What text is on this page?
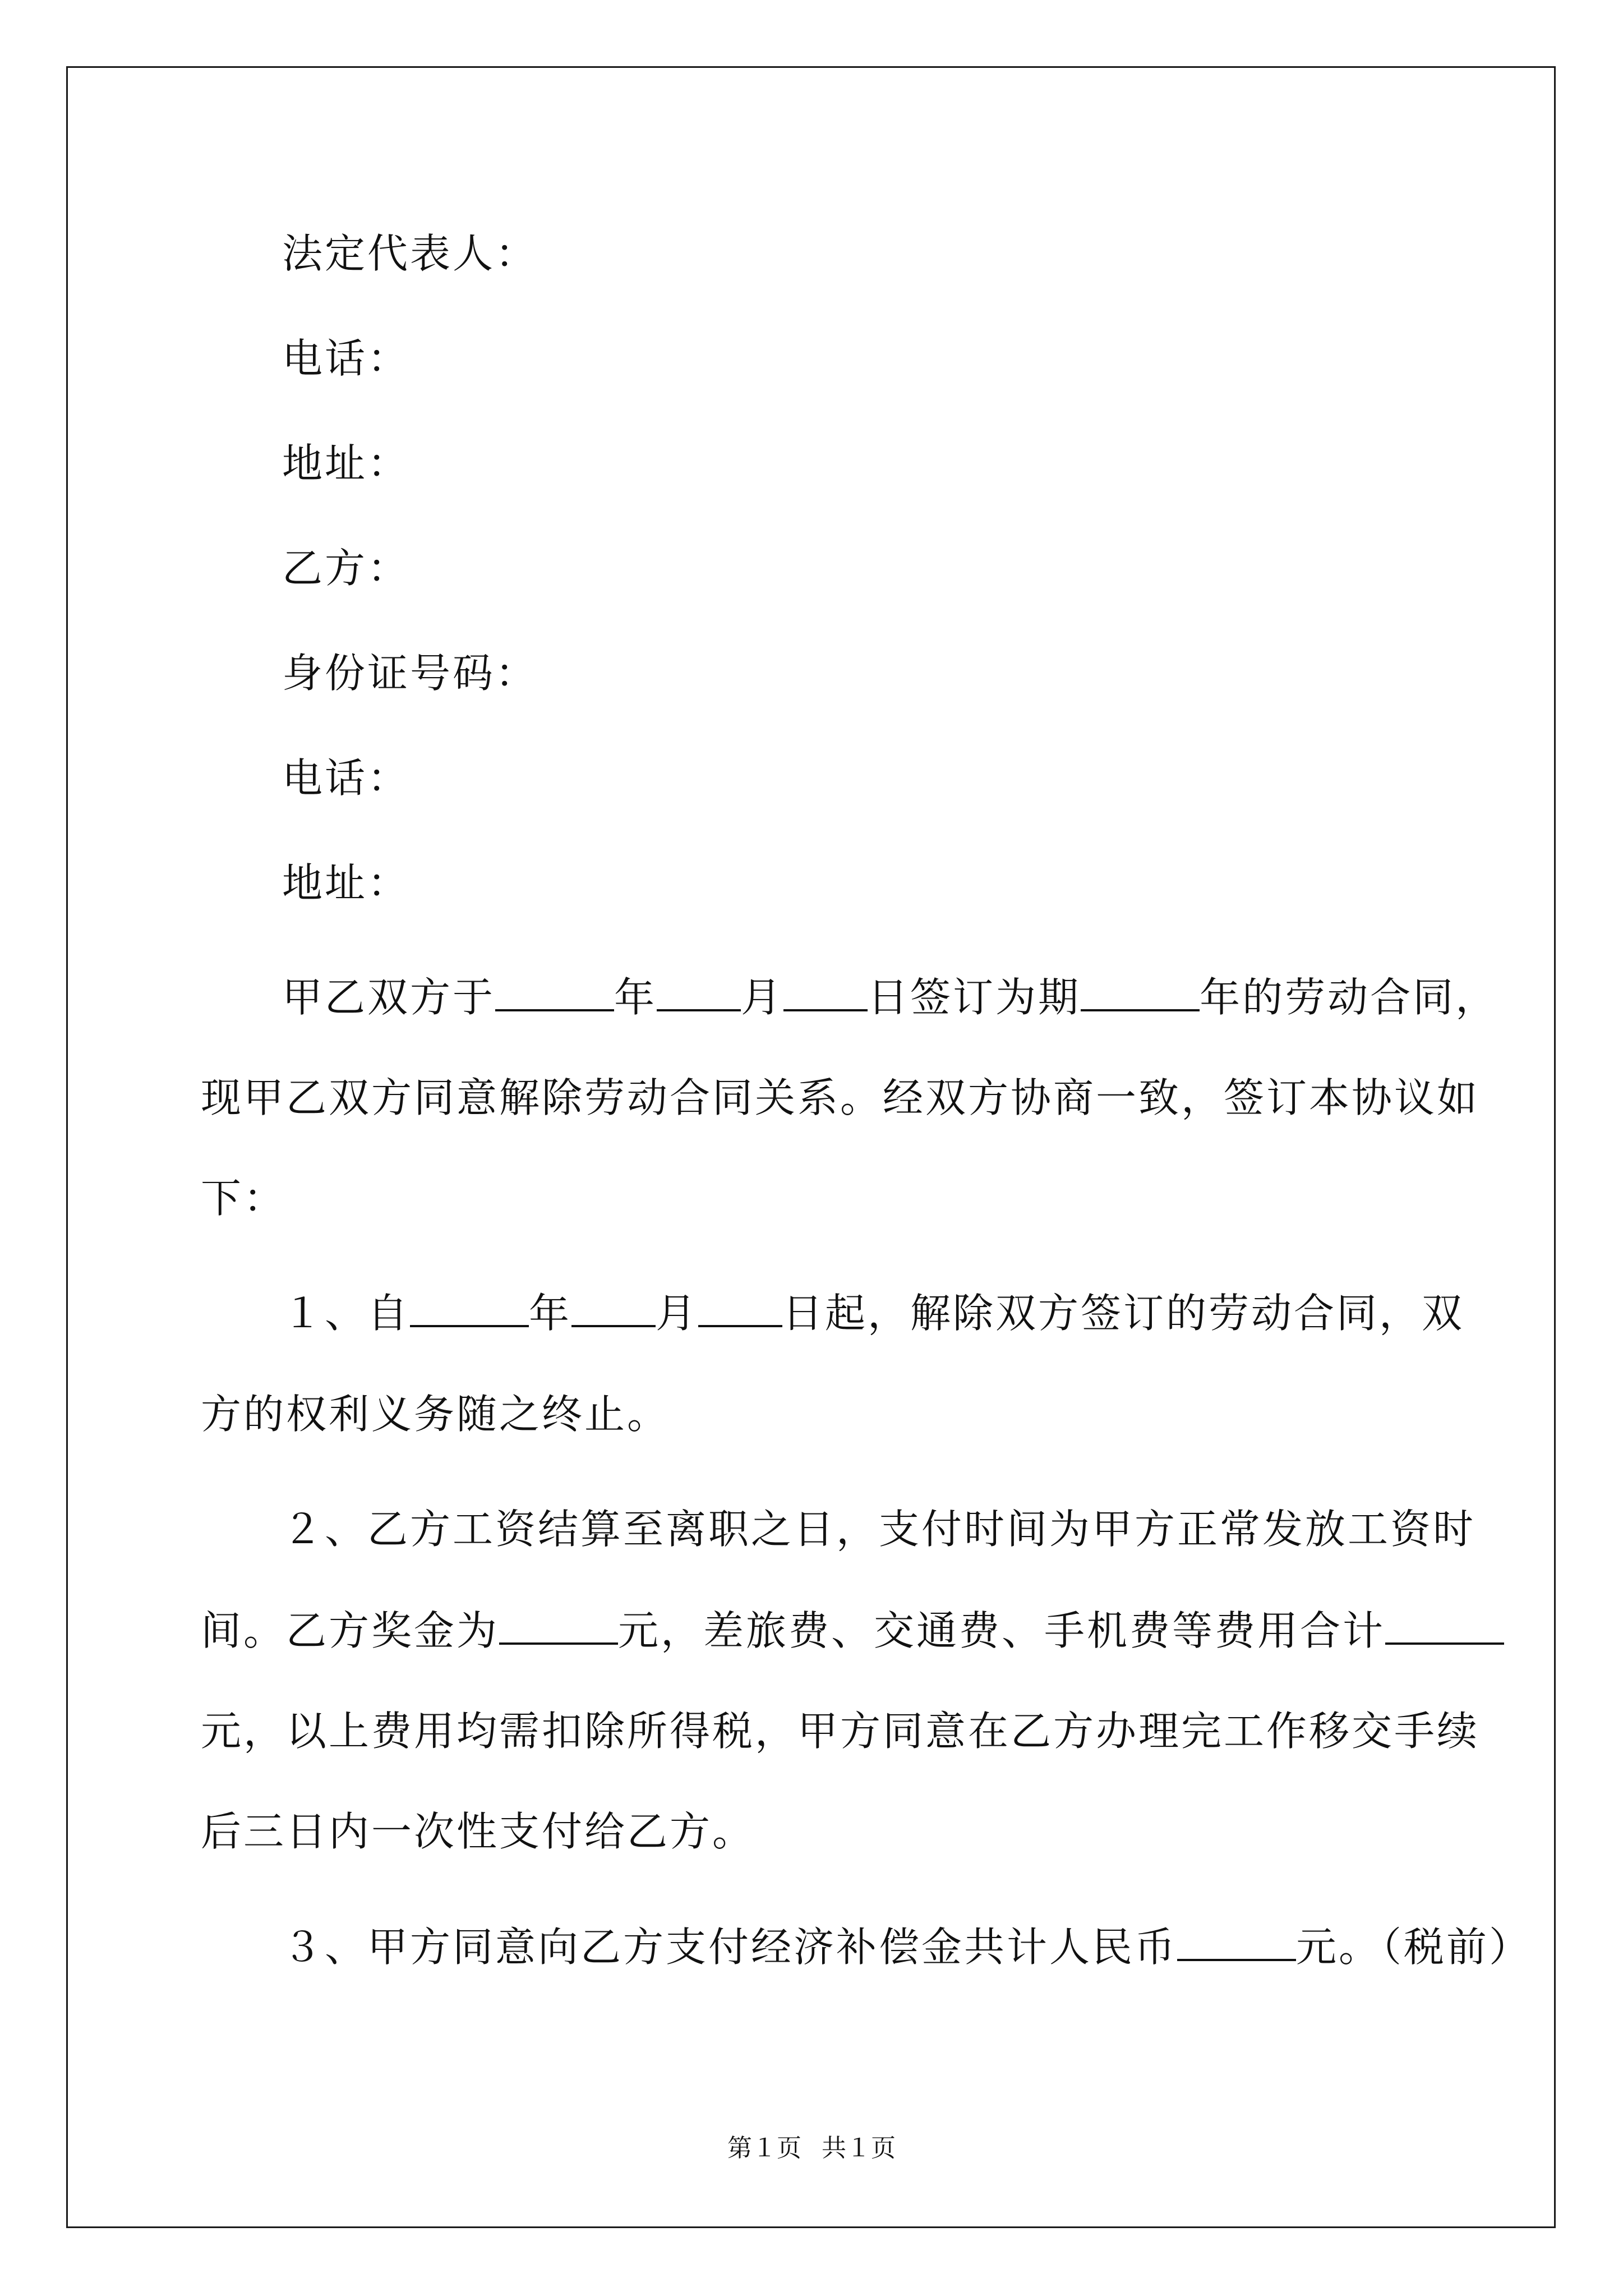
法定代表人：
电话：
地址：
乙方：
身份证号码：
电话：
地址：
甲乙双方于	年 月 日签订为期	年的劳动合同，
现甲乙双方同意解除劳动合同关系。经双方协商一致，签订本协议如
下：
１、自	年 月 日起，解除双方签订的劳动合同，双
方的权利义务随之终止。
２、乙方工资结算至离职之日，支付时间为甲方正常发放工资时
间。乙方奖金为	元，差旅费、交通费、手机费等费用合计
元，以上费用均需扣除所得税，甲方同意在乙方办理完工作移交手续
后三日内一次性支付给乙方。
３、甲方同意向乙方支付经济补偿金共计人民币	元。（税前）
第１页 共１页
